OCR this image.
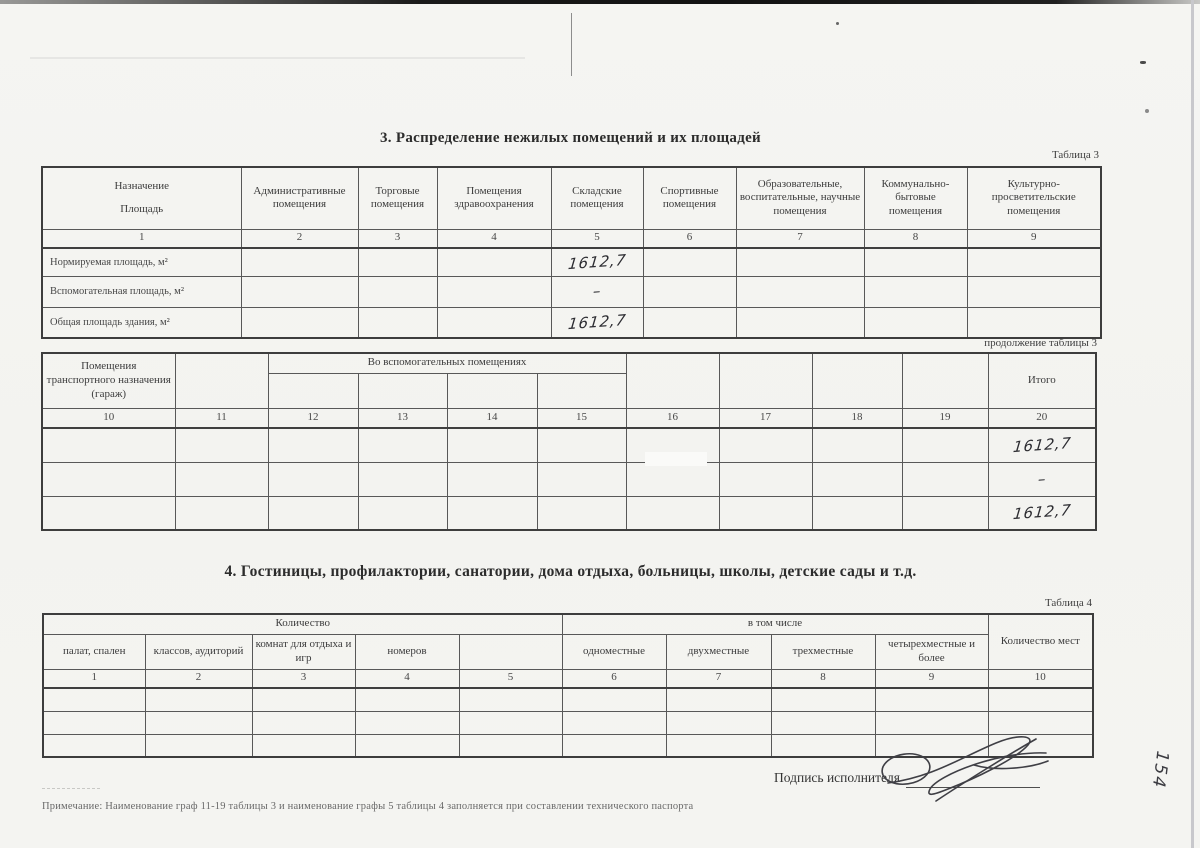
3. Распределение нежилых помещений и их площадей
Таблица 3
Назначение
Площадь	Административные помещения	Торговые помещения	Помещения здравоохранения	Складские помещения	Спортивные помещения	Образовательные, воспитательные, научные помещения	Коммунально-бытовые помещения	Культурно-просветительские помещения
1	2	3	4	5	6	7	8	9
Нормируемая площадь, м²				1612,7				
Вспомогательная площадь, м²				–				
Общая площадь здания, м²				1612,7				
продолжение таблицы 3
Помещения транспортного назначения (гараж)		Во вспомогательных помещениях								Итого

10	11	12	13	14	15	16	17	18	19	20
										1612,7
										–
										1612,7
4. Гостиницы, профилактории, санатории, дома отдыха, больницы, школы, детские сады и т.д.
Таблица 4
Количество					в том числе				Количество мест
палат, спален	классов, аудиторий	комнат для отдыха и игр	номеров		одноместные	двухместные	трехместные	четырехместные и более	
1	2	3	4	5	6	7	8	9	10

Подпись исполнителя	154
Примечание: Наименование граф 11-19 таблицы 3 и наименование графы 5 таблицы 4 заполняется при составлении технического паспорта
